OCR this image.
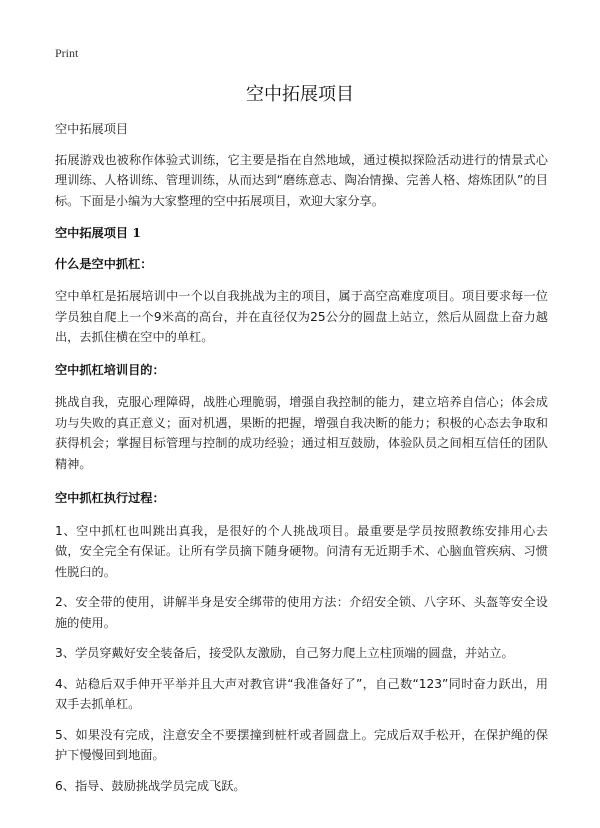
Print
空中拓展项目

空中拓展项目

拓展游戏也被称作体验式训练，它主要是指在自然地域，通过模拟探险活动进行的情景式心理训练、人格训练、管理训练，从而达到“磨练意志、陶冶情操、完善人格、熔炼团队”的目标。下面是小编为大家整理的空中拓展项目，欢迎大家分享。

空中拓展项目 1

什么是空中抓杠：

空中单杠是拓展培训中一个以自我挑战为主的项目，属于高空高难度项目。项目要求每一位学员独自爬上一个9米高的高台，并在直径仅为25公分的圆盘上站立，然后从圆盘上奋力越出，去抓住横在空中的单杠。

空中抓杠培训目的：

挑战自我，克服心理障碍，战胜心理脆弱，增强自我控制的能力，建立培养自信心；体会成功与失败的真正意义；面对机遇，果断的把握，增强自我决断的能力；积极的心态去争取和获得机会；掌握目标管理与控制的成功经验；通过相互鼓励，体验队员之间相互信任的团队精神。

空中抓杠执行过程：

1、空中抓杠也叫跳出真我，是很好的个人挑战项目。最重要是学员按照教练安排用心去做，安全完全有保证。让所有学员摘下随身硬物。问清有无近期手术、心脑血管疾病、习惯性脱臼的。

2、安全带的使用，讲解半身是安全绑带的使用方法：介绍安全锁、八字环、头盔等安全设施的使用。

3、学员穿戴好安全装备后，接受队友激励，自己努力爬上立柱顶端的圆盘，并站立。

4、站稳后双手伸开平举并且大声对教官讲“我准备好了”，自己数“123”同时奋力跃出，用双手去抓单杠。

5、如果没有完成，注意安全不要摆撞到桩杆或者圆盘上。完成后双手松开，在保护绳的保护下慢慢回到地面。

6、指导、鼓励挑战学员完成飞跃。
